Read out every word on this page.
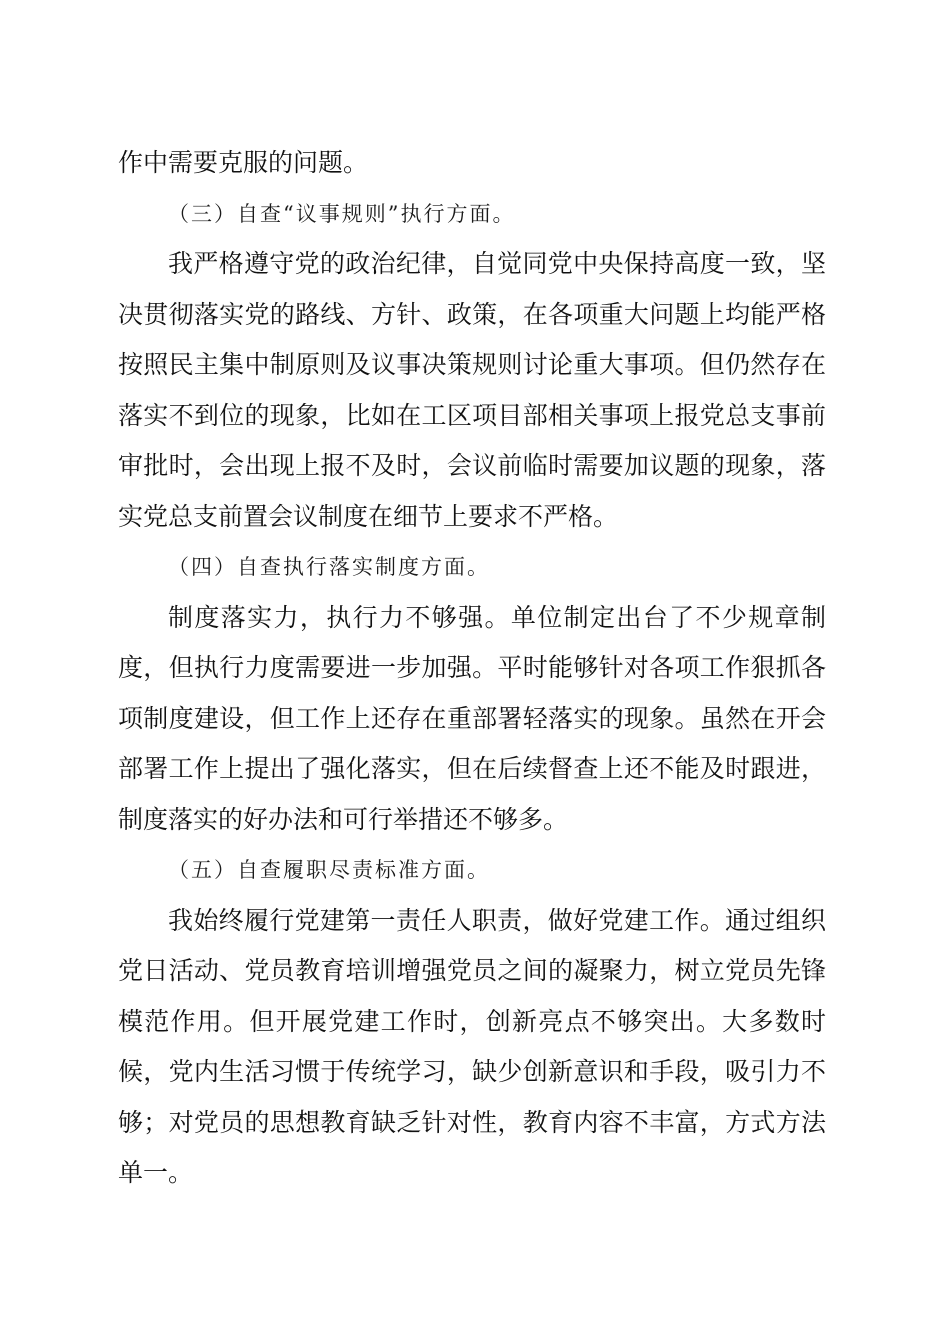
作中需要克服的问题。

（三）自查“议事规则”执行方面。

我严格遵守党的政治纪律，自觉同党中央保持高度一致，坚决贯彻落实党的路线、方针、政策，在各项重大问题上均能严格按照民主集中制原则及议事决策规则讨论重大事项。但仍然存在落实不到位的现象，比如在工区项目部相关事项上报党总支事前审批时，会出现上报不及时，会议前临时需要加议题的现象，落实党总支前置会议制度在细节上要求不严格。

（四）自查执行落实制度方面。

制度落实力，执行力不够强。单位制定出台了不少规章制度，但执行力度需要进一步加强。平时能够针对各项工作狠抓各项制度建设，但工作上还存在重部署轻落实的现象。虽然在开会部署工作上提出了强化落实，但在后续督查上还不能及时跟进，制度落实的好办法和可行举措还不够多。

（五）自查履职尽责标准方面。

我始终履行党建第一责任人职责，做好党建工作。通过组织党日活动、党员教育培训增强党员之间的凝聚力，树立党员先锋模范作用。但开展党建工作时，创新亮点不够突出。大多数时候，党内生活习惯于传统学习，缺少创新意识和手段，吸引力不够；对党员的思想教育缺乏针对性，教育内容不丰富，方式方法单一。
